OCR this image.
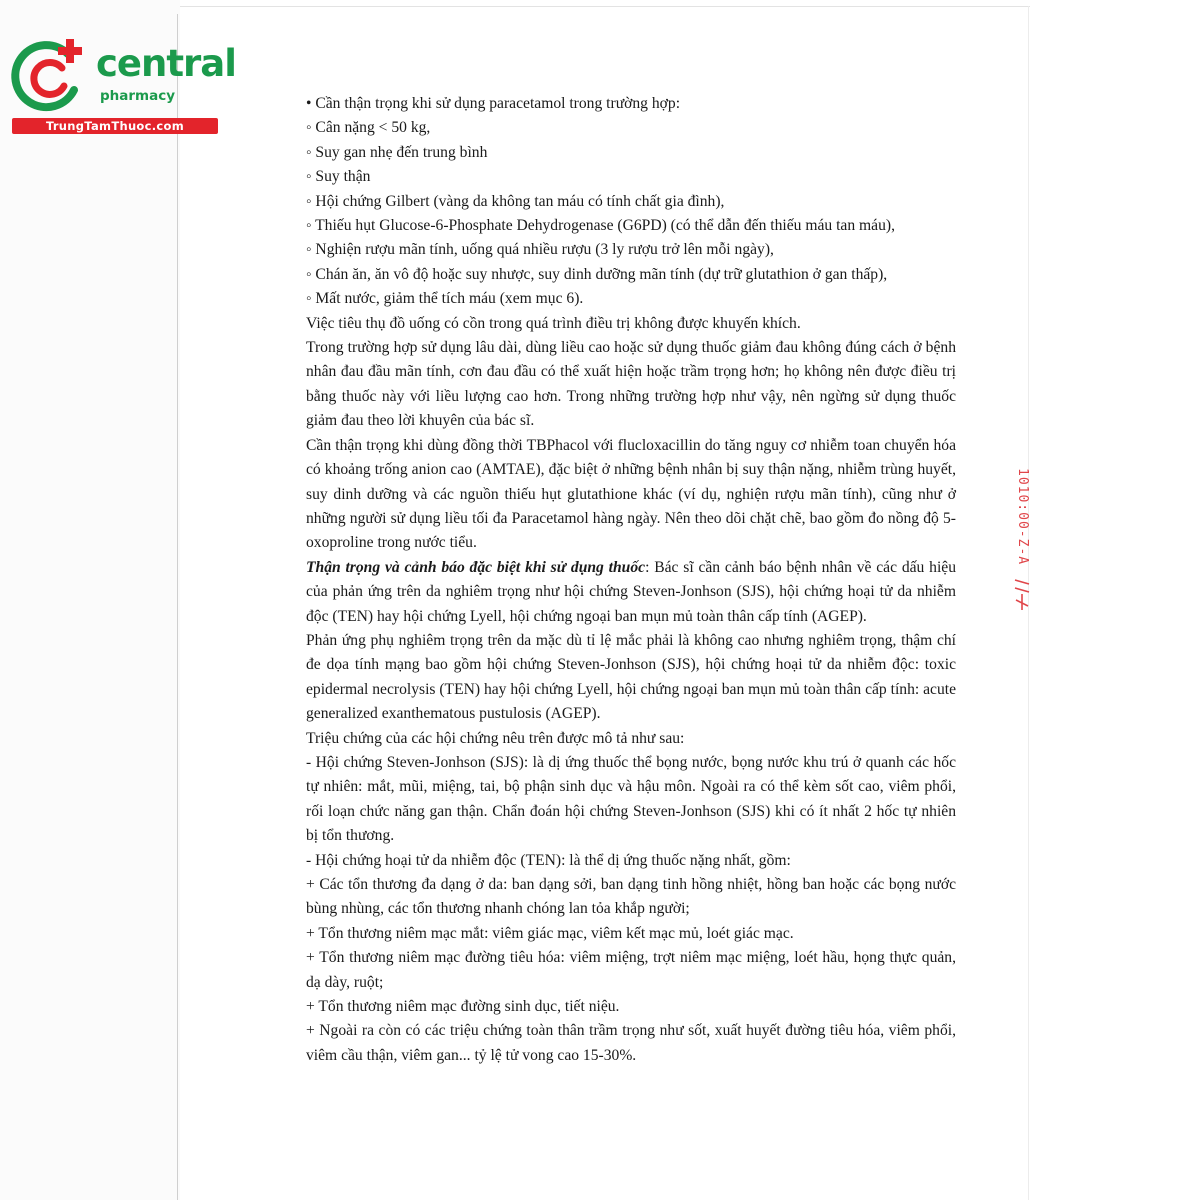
central
pharmacy
TrungTamThuoc.com
• Cần thận trọng khi sử dụng paracetamol trong trường hợp:
◦ Cân nặng < 50 kg,
◦ Suy gan nhẹ đến trung bình
◦ Suy thận
◦ Hội chứng Gilbert (vàng da không tan máu có tính chất gia đình),
◦ Thiếu hụt Glucose-6-Phosphate Dehydrogenase (G6PD) (có thể dẫn đến thiếu máu tan máu),
◦ Nghiện rượu mãn tính, uống quá nhiều rượu (3 ly rượu trở lên mỗi ngày),
◦ Chán ăn, ăn vô độ hoặc suy nhược, suy dinh dưỡng mãn tính (dự trữ glutathion ở gan thấp),
◦ Mất nước, giảm thể tích máu (xem mục 6).
Việc tiêu thụ đồ uống có cồn trong quá trình điều trị không được khuyến khích.
Trong trường hợp sử dụng lâu dài, dùng liều cao hoặc sử dụng thuốc giảm đau không đúng cách ở bệnh nhân đau đầu mãn tính, cơn đau đầu có thể xuất hiện hoặc trầm trọng hơn; họ không nên được điều trị bằng thuốc này với liều lượng cao hơn. Trong những trường hợp như vậy, nên ngừng sử dụng thuốc giảm đau theo lời khuyên của bác sĩ.
Cần thận trọng khi dùng đồng thời TBPhacol với flucloxacillin do tăng nguy cơ nhiễm toan chuyển hóa có khoảng trống anion cao (AMTAE), đặc biệt ở những bệnh nhân bị suy thận nặng, nhiễm trùng huyết, suy dinh dưỡng và các nguồn thiếu hụt glutathione khác (ví dụ, nghiện rượu mãn tính), cũng như ở những người sử dụng liều tối đa Paracetamol hàng ngày. Nên theo dõi chặt chẽ, bao gồm đo nồng độ 5-oxoproline trong nước tiểu.
Thận trọng và cảnh báo đặc biệt khi sử dụng thuốc: Bác sĩ cần cảnh báo bệnh nhân về các dấu hiệu của phản ứng trên da nghiêm trọng như hội chứng Steven-Jonhson (SJS), hội chứng hoại tử da nhiễm độc (TEN) hay hội chứng Lyell, hội chứng ngoại ban mụn mủ toàn thân cấp tính (AGEP).
Phản ứng phụ nghiêm trọng trên da mặc dù tỉ lệ mắc phải là không cao nhưng nghiêm trọng, thậm chí đe dọa tính mạng bao gồm hội chứng Steven-Jonhson (SJS), hội chứng hoại tử da nhiễm độc: toxic epidermal necrolysis (TEN) hay hội chứng Lyell, hội chứng ngoại ban mụn mủ toàn thân cấp tính: acute generalized exanthematous pustulosis (AGEP).
Triệu chứng của các hội chứng nêu trên được mô tả như sau:
- Hội chứng Steven-Jonhson (SJS): là dị ứng thuốc thể bọng nước, bọng nước khu trú ở quanh các hốc tự nhiên: mắt, mũi, miệng, tai, bộ phận sinh dục và hậu môn. Ngoài ra có thể kèm sốt cao, viêm phổi, rối loạn chức năng gan thận. Chẩn đoán hội chứng Steven-Jonhson (SJS) khi có ít nhất 2 hốc tự nhiên bị tổn thương.
- Hội chứng hoại tử da nhiễm độc (TEN): là thể dị ứng thuốc nặng nhất, gồm:
+ Các tổn thương đa dạng ở da: ban dạng sởi, ban dạng tinh hồng nhiệt, hồng ban hoặc các bọng nước bùng nhùng, các tổn thương nhanh chóng lan tỏa khắp người;
+ Tổn thương niêm mạc mắt: viêm giác mạc, viêm kết mạc mủ, loét giác mạc.
+ Tổn thương niêm mạc đường tiêu hóa: viêm miệng, trợt niêm mạc miệng, loét hầu, họng thực quản, dạ dày, ruột;
+ Tổn thương niêm mạc đường sinh dục, tiết niệu.
+ Ngoài ra còn có các triệu chứng toàn thân trầm trọng như sốt, xuất huyết đường tiêu hóa, viêm phổi, viêm cầu thận, viêm gan... tỷ lệ tử vong cao 15-30%.
1010:00-Z-A
